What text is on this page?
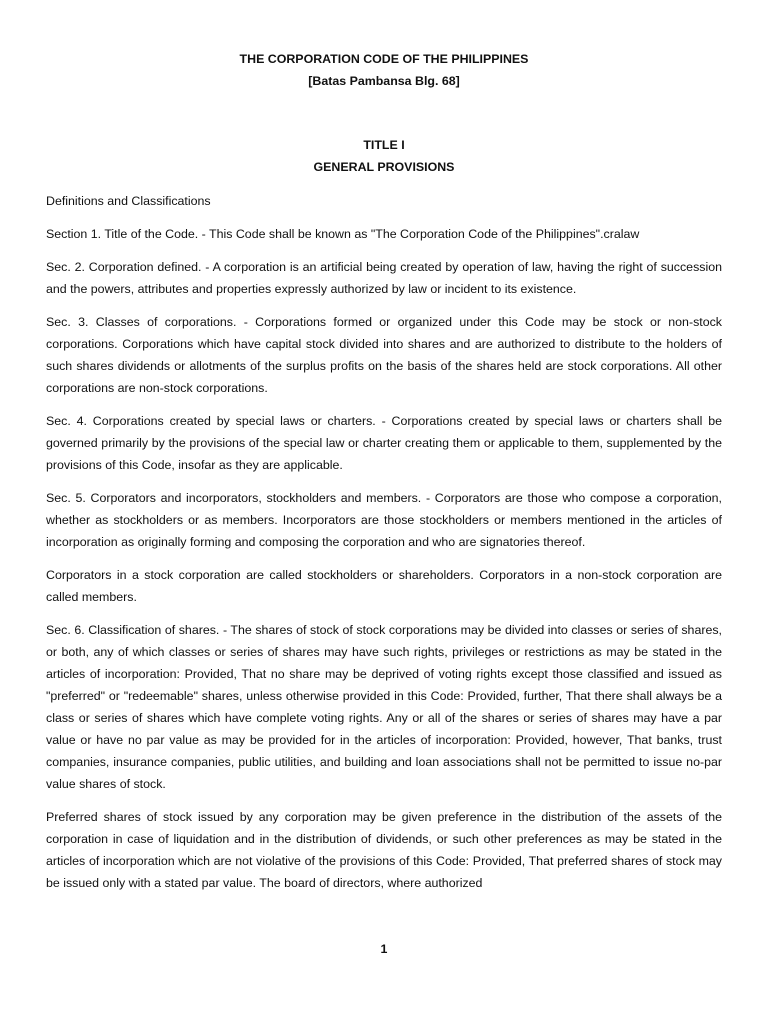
THE CORPORATION CODE OF THE PHILIPPINES
[Batas Pambansa Blg. 68]
TITLE I
GENERAL PROVISIONS
Definitions and Classifications

Section 1. Title of the Code. - This Code shall be known as "The Corporation Code of the Philippines".cralaw

Sec. 2. Corporation defined. - A corporation is an artificial being created by operation of law, having the right of succession and the powers, attributes and properties expressly authorized by law or incident to its existence.

Sec. 3. Classes of corporations. - Corporations formed or organized under this Code may be stock or non-stock corporations. Corporations which have capital stock divided into shares and are authorized to distribute to the holders of such shares dividends or allotments of the surplus profits on the basis of the shares held are stock corporations. All other corporations are non-stock corporations.

Sec. 4. Corporations created by special laws or charters. - Corporations created by special laws or charters shall be governed primarily by the provisions of the special law or charter creating them or applicable to them, supplemented by the provisions of this Code, insofar as they are applicable.

Sec. 5. Corporators and incorporators, stockholders and members. - Corporators are those who compose a corporation, whether as stockholders or as members. Incorporators are those stockholders or members mentioned in the articles of incorporation as originally forming and composing the corporation and who are signatories thereof.

Corporators in a stock corporation are called stockholders or shareholders. Corporators in a non-stock corporation are called members.

Sec. 6. Classification of shares. - The shares of stock of stock corporations may be divided into classes or series of shares, or both, any of which classes or series of shares may have such rights, privileges or restrictions as may be stated in the articles of incorporation: Provided, That no share may be deprived of voting rights except those classified and issued as "preferred" or "redeemable" shares, unless otherwise provided in this Code: Provided, further, That there shall always be a class or series of shares which have complete voting rights. Any or all of the shares or series of shares may have a par value or have no par value as may be provided for in the articles of incorporation: Provided, however, That banks, trust companies, insurance companies, public utilities, and building and loan associations shall not be permitted to issue no-par value shares of stock.

Preferred shares of stock issued by any corporation may be given preference in the distribution of the assets of the corporation in case of liquidation and in the distribution of dividends, or such other preferences as may be stated in the articles of incorporation which are not violative of the provisions of this Code: Provided, That preferred shares of stock may be issued only with a stated par value. The board of directors, where authorized

1
